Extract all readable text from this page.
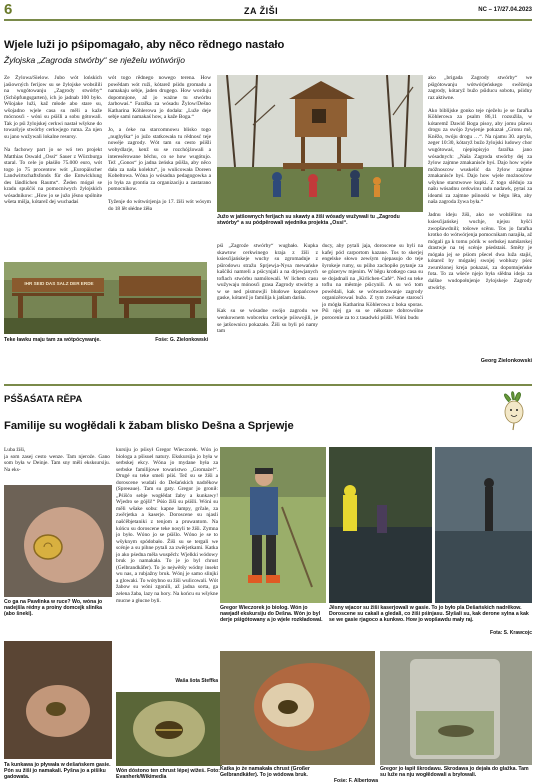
6	ZA ŽIŠI	NC – 17/27.04.2023
Wjele luži jo pśipomagało, aby něco rědnego nastało
Žylojska „Zagroda stwórby“ se nježelu wótwórijo
Ze Žylowa/Sielow. Jubo wót lońskich jaśiowných ferijow su se žylojske wobsilili na wugótowanju „Zagrody stwórby“ (Schöpfungsgarten), ich jo jadnab 100 było. Wšojake luži, kaž młode abo stare su, wšojadno wjele casa su měli a kaže mócnosći - wóni su pśišli a sobu gótowali. Tak jo pśi žylojskej cerkwi nastał wšykne do towaršyje stwórby cerkwjego ruma. Za njen su jano wužywali lokalne resursy.

Na fachowy part jo se wó ten projekt Matthias Oswald „Ossi“ Sauer z Würzburga staral. To cele jo płaśiło 75.000 euro, wót togo jo 75 procentow wót „Europäischer Landwirtschaftsfonds für die Entwicklung des ländlichen Raums“. Žeden mógał se kradu spušćiś na pomocniwych žylojskich wósadnikow: „How jo se južo jěsno spólnite wšeta mišja, kótarež dej wuchadaś
wót togo rědnego nowego terena. How powědam wót ruži, kótarež pśidu gromadu a namakaju sebje, jaden drugego. How worduju dopomnjone, až jo ważne tu stwórbu żarbowaś.“ Farařka za wósadu Žylow/Dešno Katharina Köhlerowa jo dodała: „Luže deje sebje sami namakaś how, a kaže Boga.“

Jo, a ćeke na starcomnowu blisko togo „nughylka“ jo južo statkowała tu rědnosć teje nowéje zagrody. Wót tam su cesto pśišli wobydlarje, kenž su se rozchójźowali a interesěrowane běchu, co se how wugótujo. Tež „Gonos“ jo jadna żeńska pśišla, aby něco dała za naša kolektu“, jo wulicowała Doreen Kobeltowa. Wóna jo wósadna pedagogowka a jo była za grontia za organizaciju a zastarano pomocnikow.

Tyženje do wótwórjenja jo 17. žiši wót wósym do 18 lět słédne źěła
IHR SEID DAS SALZ DER ERDE
Teke ławku maju tam za wótpócywanje.	Fośe: G. Zielonkowski
Južo w jatšownych ferijach su skawty a žiši wósady wužywali tu „Zagrodu stwórby“ a su pódpěrowali wjednika projekta „Ossi“.
pśi „Zagroźe stwórby“ wugbało. Kupka skawtow cerkwinego kraja z žiši z ksiesćijańskeje wuchy su zgromadnje z pśirodowu stražu Sprjewja-Nysa mewańske kašćiki namreli a pśicynjali a na drjewjanych toflach stwórbu namólowali. W lichem casu wužywaju mónosći grasa Zagrody stwórby a w se ned pismowjli bludowe kopańcowe gaske, kótarež jo familija k jatšam dariła.

Kak su se wósadne swójo zagrodu we wenkownem wobcerku cerkwje pśiswojili, je se jatšownicu pokazało. Žiši su byli pó namy tam
ducy, aby pytali jaja, doroscene su byli na kafej pód carportom kazane. Tos to skerjej engelske słowo zewśym njepasujo do teje šyrokeje rumy, su pśiho zachopiło pytanje za se gózeryw mjenim. W běgu krotkego casa su se dojadnali na „Kirlichen-Café“. Ned su teke toflu na městnje pśicynili. A su wó tom powědali, kak se wótwardowanje zagrody organizěrowaś bužo. Z tym zwěsane starosći jo mógła Katharina Köhlerowa z boka sporas. Pśi njej ga su se někotare dobrowólne porocenie za to z tasadwki pśišli. Wóni budu
ako „brigada Zagrody stwórby“ we pśigótowanju wótwórjeńskego swěźenja zagrody, kótaryž bužo pśiducu sobotu, pśidny raz aktiwne.

Ako biblijske gonko teje nježelu je se farařka Köhlerowa za psalm 86,11 rozsužila, w kótaremž Dawid Boga pisoy, aby jomu pšawu drogu za swójo žywjenje pokazał „Gronu mě, Kněžo, twóju drogu …“. Na njamu 30. apryla, zeger 10:30, kótaryž bužo žylojski ludowy chor wugótowaś, njepispisyjo farařka jano wósadnych: „Naša Zagroda stwórby dej za žylow zajmne zmakanisće byś. Dajo how wjele móžnoscow wuskelić da žylow zajmne zmakanisće byś. Dajo how wjele możnosćow wšykne starstwowe kupki. Z togo slědujo za našu wósadnu cerkwinu radu nadawk, pytaś za ideami za zajmne pśinoski w běgu lěta, aby naša zagroda žywa była.“

Jadnu ideju žiši, ako se wobźělinu na ksiesćijańskej wuchje, njejsu hyšći zwopšawdnili; tošowe scěnu. Tos jo farařka krotko do wótwórjenja pomocnikam narajiła, až mógali ga k tomu pórik w serbskej namšarskej drastwje na tej scénje pśedstaiś. Směty je mógała jej se pśiom pšecel dwa luža stajiś, kótarež by mógalej swojej wobluzy pśez zwuréżonej kreja pokazaś, za dopomnjeńske fota. To za wšeće njejo była slědna ideja za dalšne wudopołnjenje žylojskeje Zagrody stwórby.
Georg Zielonkowski
PŚŠAŚATA RĚPA
Familije su wogłědali k žabam blisko Dešna a Sprjewje
Luba žiši,
ja som zasej cesto wenze. Tam njeroźe. Gano som była w Deinje. Tam sny měli eksksursiju. Na eks-
Co ga na Pawlinka w ruce? Wo, wóna jo nadejšla rédny a proiny domcejk slinika (abo šneki).
Ta kunkawa jo pływała w dešańskem gasie. Pón su žiši jo namakali. Pyšna jo a pišiku gadowata.
kursiju jo pśisył Gregor Wieczorek. Wón jo biologa a pšisuel natury. Ekskursija jo była w serbskej ekcy. Wóna jo mydane była za serbske familijowe towaristwo „Gromaże!“. Drugé su teke smeli pśiś. Tež su se žiši a doroscene wudali do Dešańskich nadrěkow (Spreeaue). Tam su gaty. Gregor jo gronił: „Pśišćo sebje wogłědat žaby a kunkawy! Wjedro se gójši!“ Pśśo žiši su pśišli. Wóni su měli wšake sobu: kapne lampy, grčale, za zwěrjetka a kaserje. Doroscene su njasli našćěbjetaniki z tenjom a pruwantom. Na kóńcu su doroscene teke nosyli te žiši. Zymna jo było. Wóno jo se pśišlo. Wóno je se to wšyknym spódobało. Žiši su se tergali we scénje a su pihne pytali za zwěrjetkami. Katka jo ako pśedna měla wuspěch: Wjelkki wódowy bruk jo namakała. To je jo byl chrust (Gelbrandkäfer). To jo nejwětšy wódny insekt wu nas, a rubjažny bruk. Wónj je samo slinjki a glowaki. To wótybno su žiši wulicowali. Wót žabow su wóni zgonili, až jadna sorta, ga zelena žaba, lazy na hory. Na końcu su wšykne mucne a głucne byli.
Waša šota Steffka
Wón dóstono ten chrust lépej wižeś. Foto: Evanherk/Wikimedia
Gregor Wieczorek jo biolog. Wón jo nawjadł ekskursiju do Dešna. Wón jo byl derje pśigótowany a jo wjele rozkładowal.
Jěsny wjacor su žiši kaserjowali w gasie. To jo było pla Dešańskich nadrěkow. Doroscene su cakali a gledali, co žiši pśinjasu. Slyšali su, kak derone sylna a kak se we gasie rjagoco a kunkwo. How jo wopšawdu mały raj.
Fota: S. Krawcojc
Katka jo że namakała chrust (Großer Gelbrandkäfer). To jo wódowa bruk.
Fośe: F. Albertowa
Gregor jo łapił škrodawu. Skrodawa jo dejała do glažka. Tam su luže na nju wogłědowali a bryłowali.
